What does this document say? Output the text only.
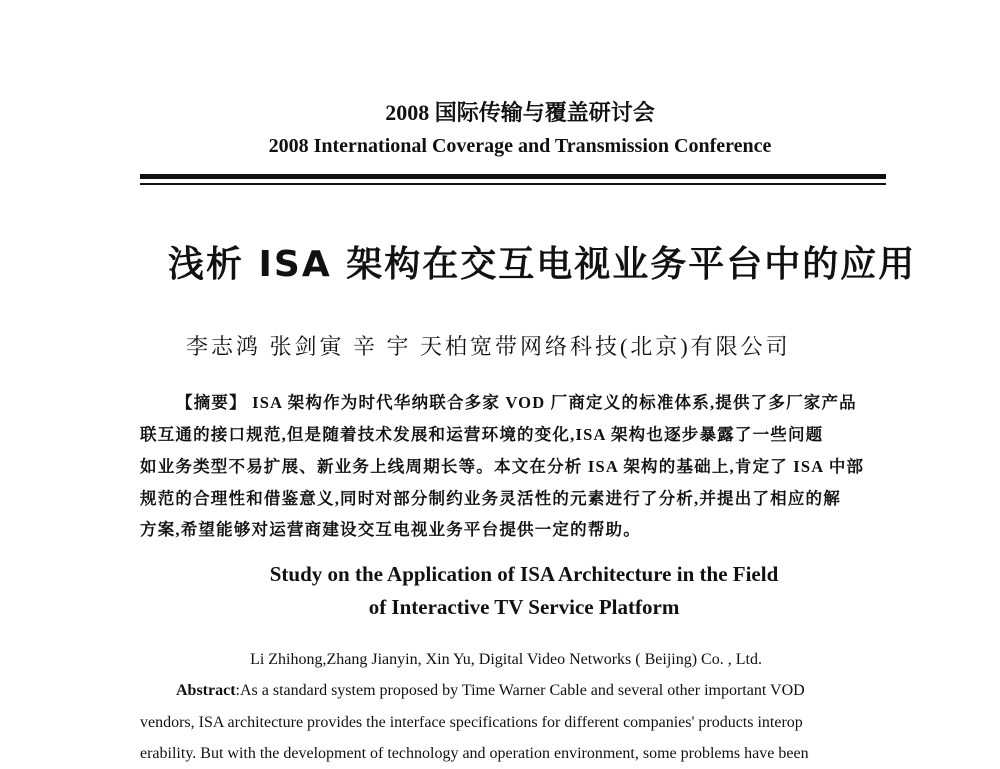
2008 国际传输与覆盖研讨会
2008 International Coverage and Transmission Conference
浅析 ISA 架构在交互电视业务平台中的应用
李志鸿 张剑寅 辛 宇 天柏宽带网络科技(北京)有限公司
【摘要】 ISA 架构作为时代华纳联合多家 VOD 厂商定义的标准体系,提供了多厂家产品
联互通的接口规范,但是随着技术发展和运营环境的变化,ISA 架构也逐步暴露了一些问题
如业务类型不易扩展、新业务上线周期长等。本文在分析 ISA 架构的基础上,肯定了 ISA 中部
规范的合理性和借鉴意义,同时对部分制约业务灵活性的元素进行了分析,并提出了相应的解
方案,希望能够对运营商建设交互电视业务平台提供一定的帮助。
Study on the Application of ISA Architecture in the Field
of Interactive TV Service Platform
Li Zhihong,Zhang Jianyin, Xin Yu, Digital Video Networks ( Beijing) Co. , Ltd.
Abstract:As a standard system proposed by Time Warner Cable and several other important VOD
vendors, ISA architecture provides the interface specifications for different companies' products interop
erability. But with the development of technology and operation environment, some problems have been
